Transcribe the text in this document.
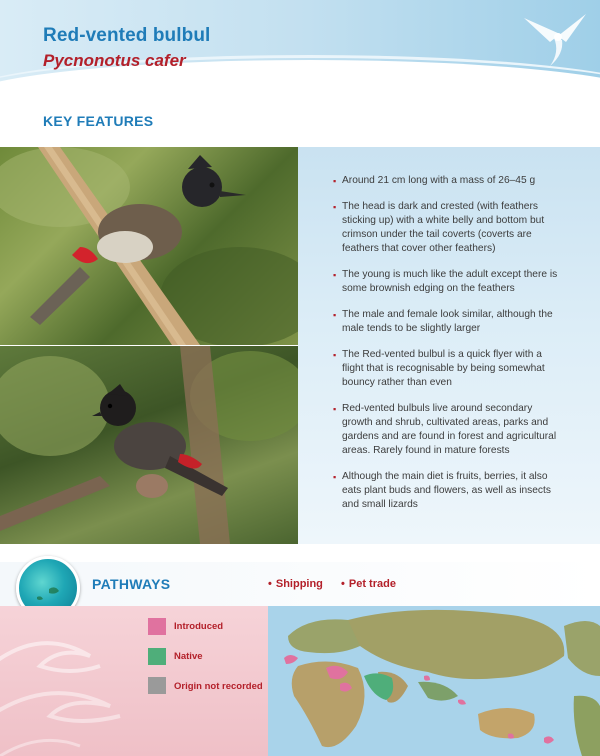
Red-vented bulbul
Pycnonotus cafer
KEY FEATURES
▪ Around 21 cm long with a mass of 26–45 g
▪ The head is dark and crested (with feathers sticking up) with a white belly and bottom but crimson under the tail coverts (coverts are feathers that cover other feathers)
▪ The young is much like the adult except there is some brownish edging on the feathers
▪ The male and female look similar, although the male tends to be slightly larger
▪ The Red-vented bulbul is a quick flyer with a flight that is recognisable by being somewhat bouncy rather than even
▪ Red-vented bulbuls live around secondary growth and shrub, cultivated areas, parks and gardens and are found in forest and agricultural areas. Rarely found in mature forests
▪ Although the main diet is fruits, berries, it also eats plant buds and flowers, as well as insects and small lizards
PATHWAYS	• Shipping • Pet trade
Introduced
Native
Origin not recorded
